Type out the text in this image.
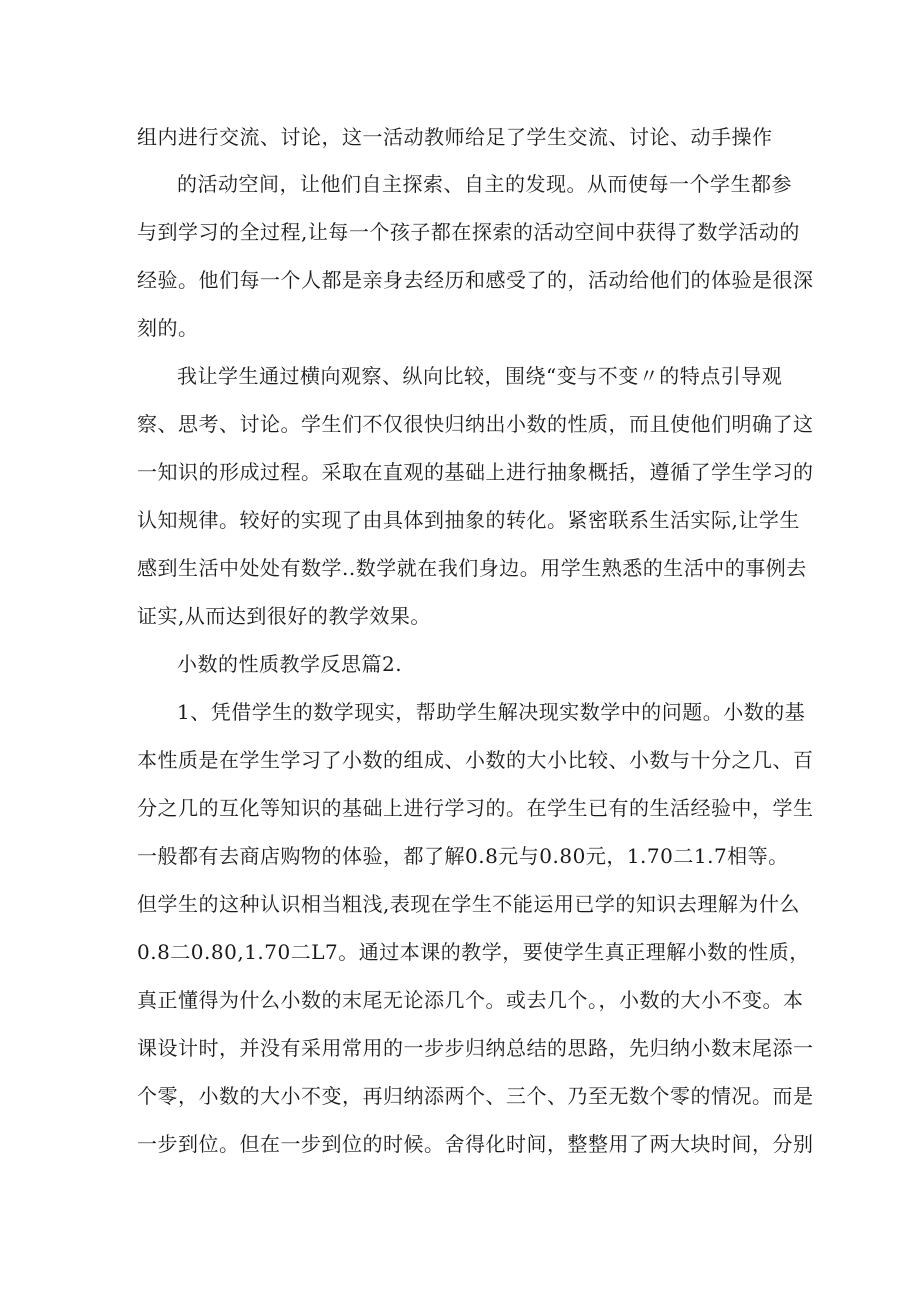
组内进行交流、讨论，这一活动教师给足了学生交流、讨论、动手操作
的活动空间，让他们自主探索、自主的发现。从而使每一个学生都参
与到学习的全过程,让每一个孩子都在探索的活动空间中获得了数学活动的
经验。他们每一个人都是亲身去经历和感受了的，活动给他们的体验是很深
刻的。
我让学生通过横向观察、纵向比较，围绕“变与不变〃的特点引导观
察、思考、讨论。学生们不仅很快归纳出小数的性质，而且使他们明确了这
一知识的形成过程。采取在直观的基础上进行抽象概括，遵循了学生学习的
认知规律。较好的实现了由具体到抽象的转化。紧密联系生活实际,让学生
感到生活中处处有数学..数学就在我们身边。用学生熟悉的生活中的事例去
证实,从而达到很好的教学效果。
小数的性质教学反思篇2.
1、凭借学生的数学现实，帮助学生解决现实数学中的问题。小数的基
本性质是在学生学习了小数的组成、小数的大小比较、小数与十分之几、百
分之几的互化等知识的基础上进行学习的。在学生已有的生活经验中，学生
一般都有去商店购物的体验，都了解0.8元与0.80元，1.70二1.7相等。
但学生的这种认识相当粗浅,表现在学生不能运用已学的知识去理解为什么
0.8二0.80,1.70二L7。通过本课的教学，要使学生真正理解小数的性质，
真正懂得为什么小数的末尾无论添几个。或去几个。，小数的大小不变。本
课设计时，并没有采用常用的一步步归纳总结的思路，先归纳小数末尾添一
个零，小数的大小不变，再归纳添两个、三个、乃至无数个零的情况。而是
一步到位。但在一步到位的时候。舍得化时间，整整用了两大块时间，分别
